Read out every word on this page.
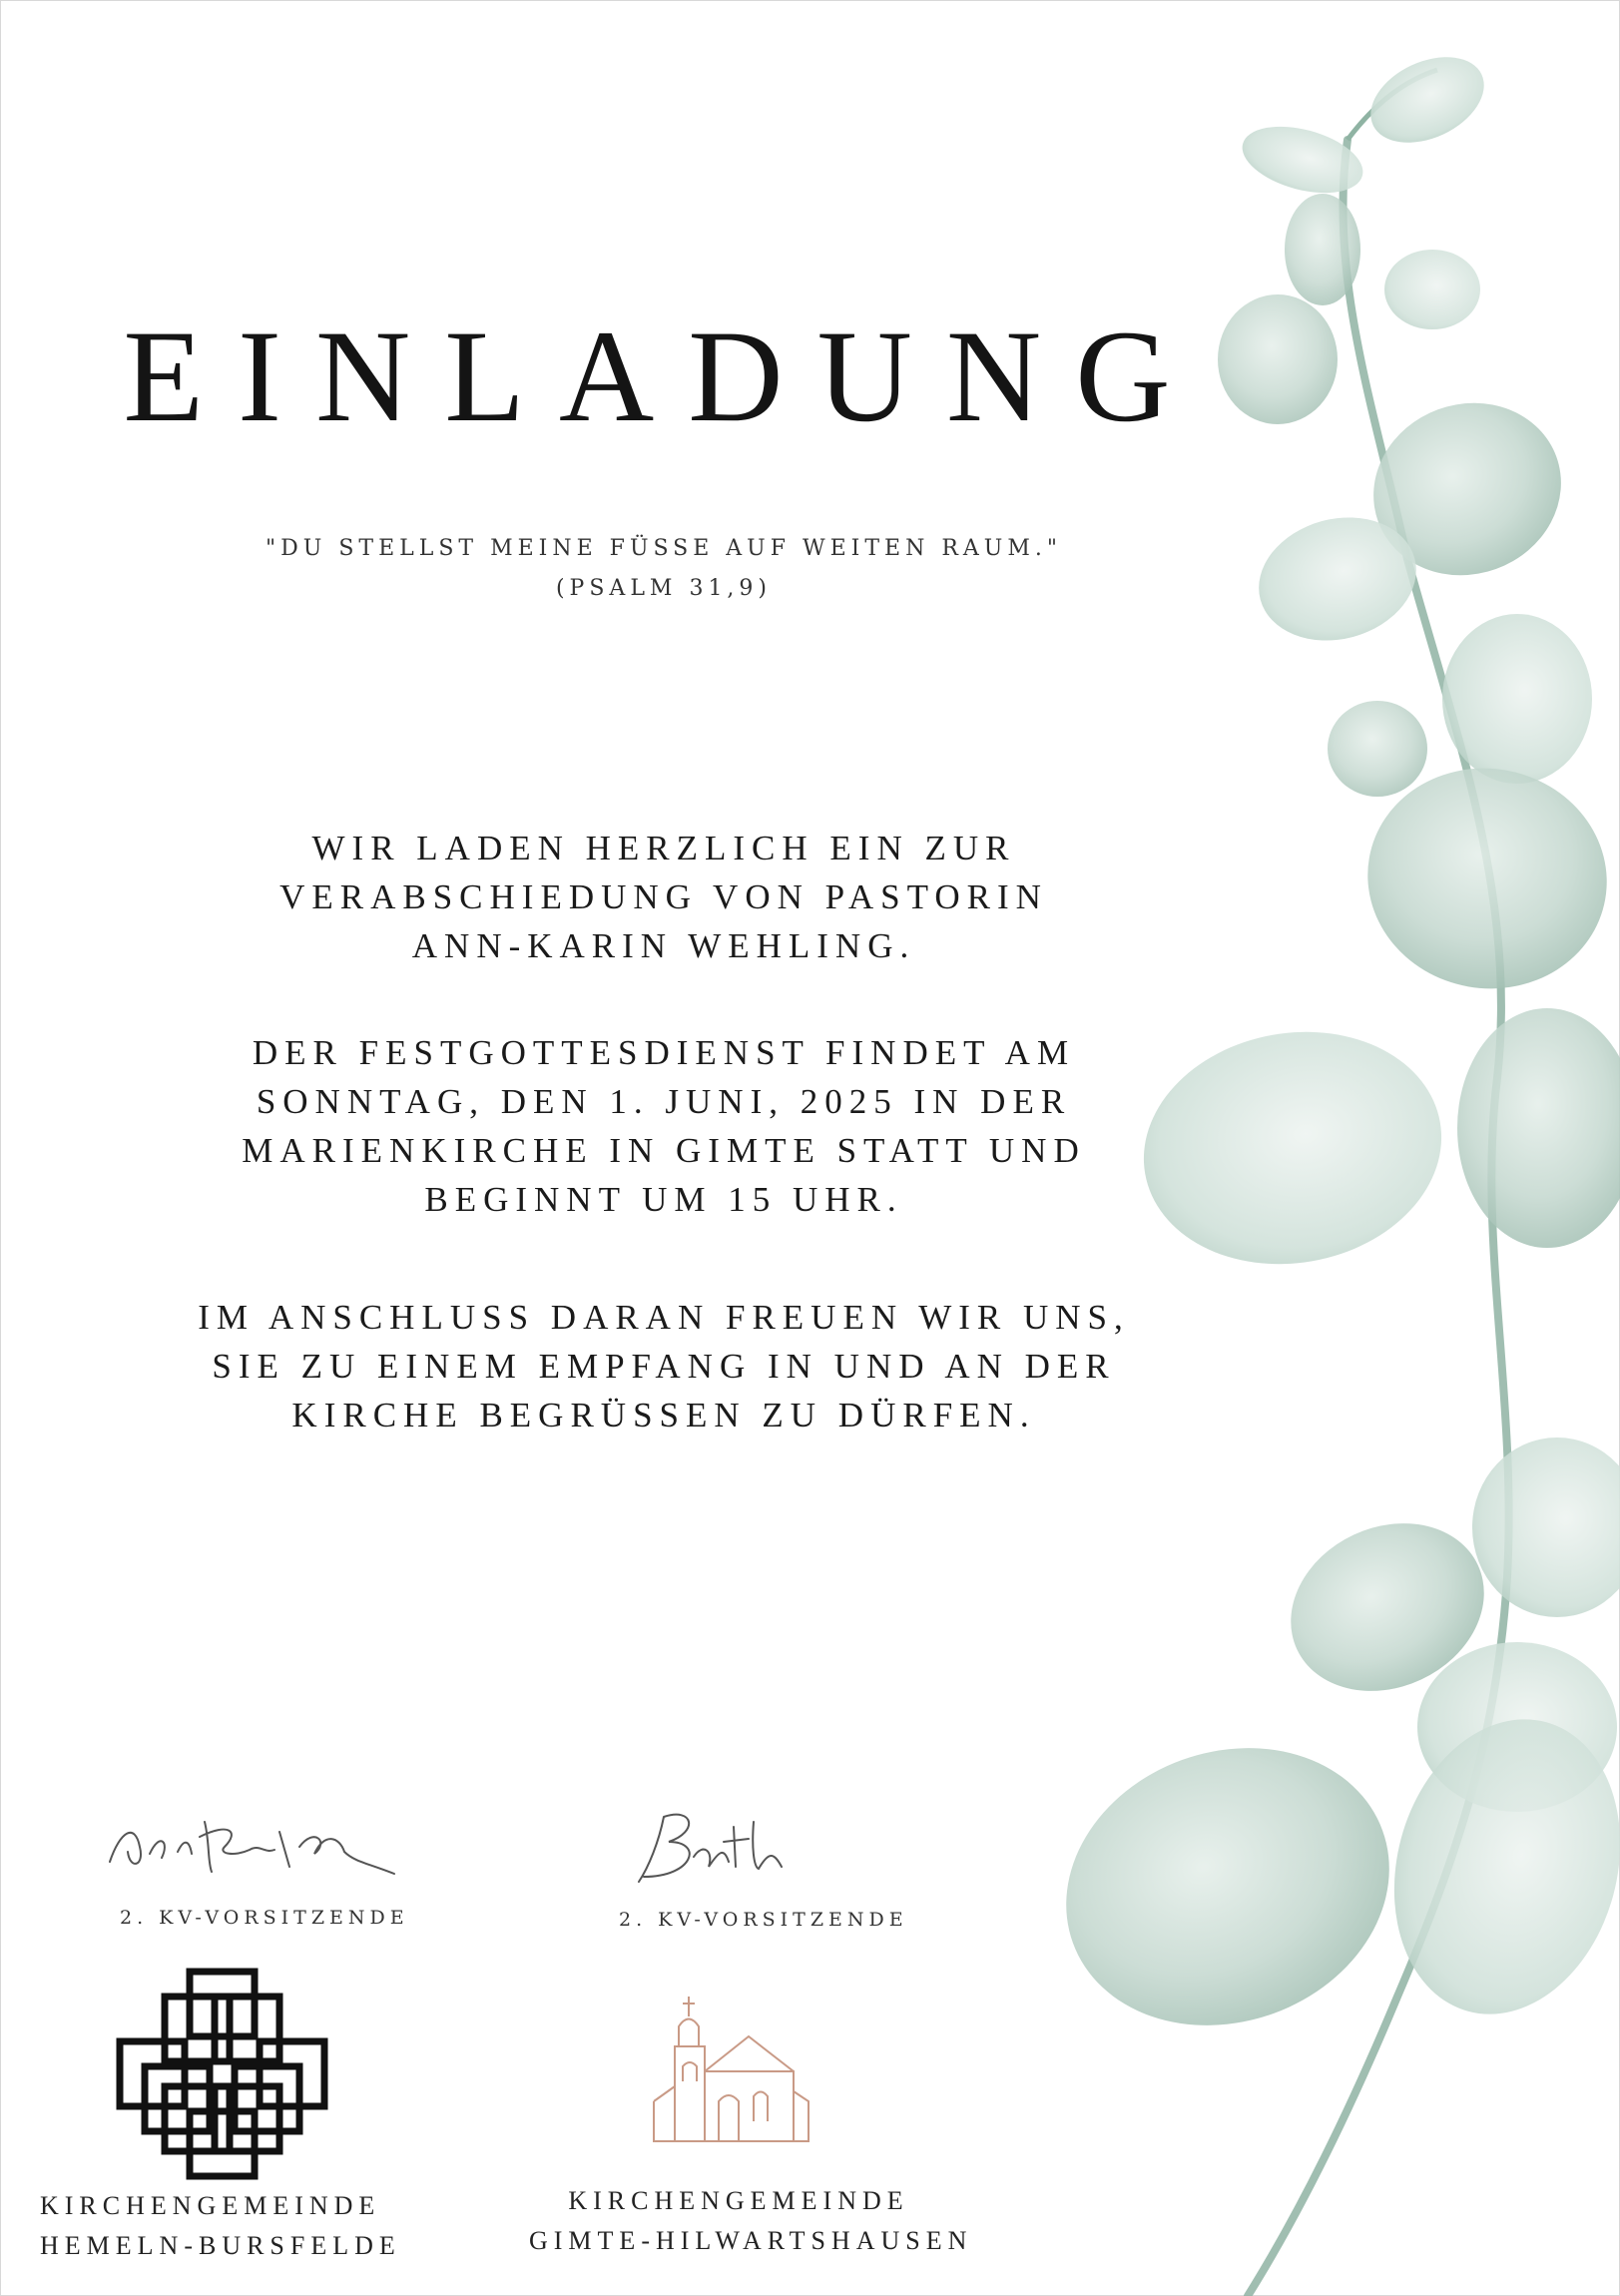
EINLADUNG
"DU STELLST MEINE FÜSSE AUF WEITEN RAUM."
(PSALM 31,9)
WIR LADEN HERZLICH EIN ZUR
VERABSCHIEDUNG VON PASTORIN
ANN-KARIN WEHLING.
DER FESTGOTTESDIENST FINDET AM
SONNTAG, DEN 1. JUNI, 2025 IN DER
MARIENKIRCHE IN GIMTE STATT UND
BEGINNT UM 15 UHR.
IM ANSCHLUSS DARAN FREUEN WIR UNS,
SIE ZU EINEM EMPFANG IN UND AN DER
KIRCHE BEGRÜSSEN ZU DÜRFEN.
2. KV-VORSITZENDE	2. KV-VORSITZENDE
KIRCHENGEMEINDE
HEMELN-BURSFELDE
KIRCHENGEMEINDE
GIMTE-HILWARTSHAUSEN
